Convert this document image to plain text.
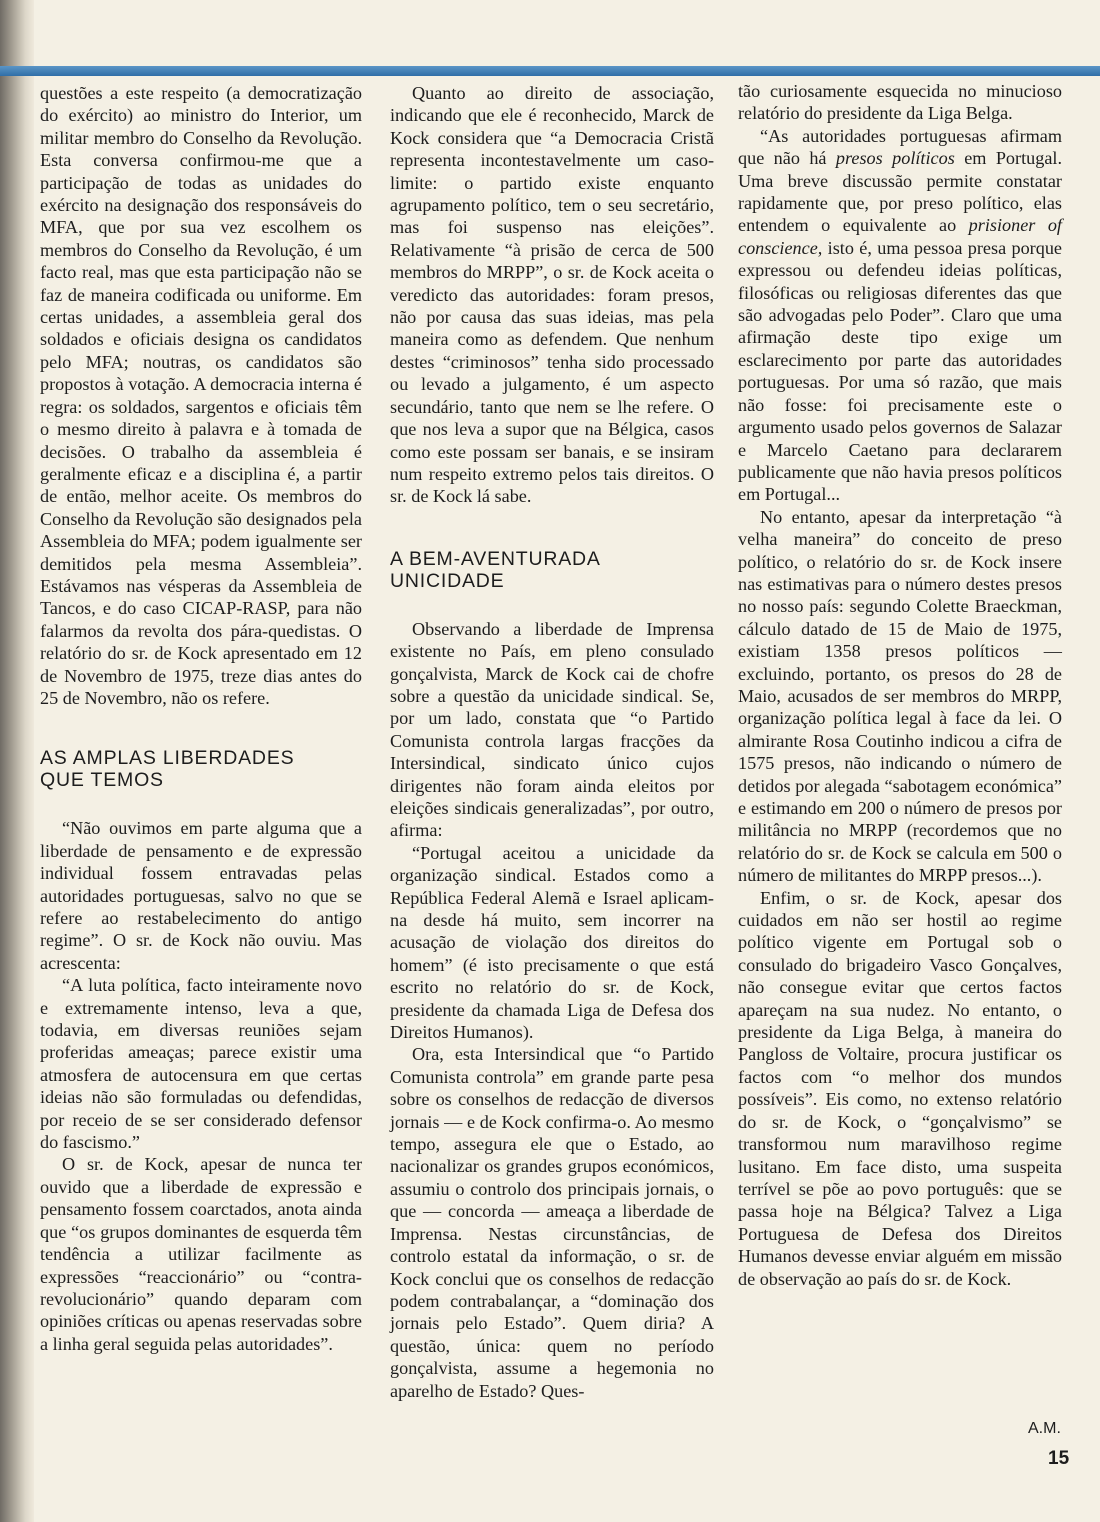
questões a este respeito (a democratização do exército) ao ministro do Interior, um militar membro do Conselho da Revolução. Esta conversa confirmou-me que a participação de todas as unidades do exército na designação dos responsáveis do MFA, que por sua vez escolhem os membros do Conselho da Revolução, é um facto real, mas que esta participação não se faz de maneira codificada ou uniforme. Em certas unidades, a assembleia geral dos soldados e oficiais designa os candidatos pelo MFA; noutras, os candidatos são propostos à votação. A democracia interna é regra: os soldados, sargentos e oficiais têm o mesmo direito à palavra e à tomada de decisões. O trabalho da assembleia é geralmente eficaz e a disciplina é, a partir de então, melhor aceite. Os membros do Conselho da Revolução são designados pela Assembleia do MFA; podem igualmente ser demitidos pela mesma Assembleia”. Estávamos nas vésperas da Assembleia de Tancos, e do caso CICAP-RASP, para não falarmos da revolta dos pára-quedistas. O relatório do sr. de Kock apresentado em 12 de Novembro de 1975, treze dias antes do 25 de Novembro, não os refere.

AS AMPLAS LIBERDADES
QUE TEMOS

“Não ouvimos em parte alguma que a liberdade de pensamento e de expressão individual fossem entravadas pelas autoridades portuguesas, salvo no que se refere ao restabelecimento do antigo regime”. O sr. de Kock não ouviu. Mas acrescenta:

“A luta política, facto inteiramente novo e extremamente intenso, leva a que, todavia, em diversas reuniões sejam proferidas ameaças; parece existir uma atmosfera de autocensura em que certas ideias não são formuladas ou defendidas, por receio de se ser considerado defensor do fascismo.”

O sr. de Kock, apesar de nunca ter ouvido que a liberdade de expressão e pensamento fossem coarctados, anota ainda que “os grupos dominantes de esquerda têm tendência a utilizar facilmente as expressões “reaccionário” ou “contra-revolucionário” quando deparam com opiniões críticas ou apenas reservadas sobre a linha geral seguida pelas autoridades”.

Quanto ao direito de associação, indicando que ele é reconhecido, Marck de Kock considera que “a Democracia Cristã representa incontestavelmente um caso-limite: o partido existe enquanto agrupamento político, tem o seu secretário, mas foi suspenso nas eleições”. Relativamente “à prisão de cerca de 500 membros do MRPP”, o sr. de Kock aceita o veredicto das autoridades: foram presos, não por causa das suas ideias, mas pela maneira como as defendem. Que nenhum destes “criminosos” tenha sido processado ou levado a julgamento, é um aspecto secundário, tanto que nem se lhe refere. O que nos leva a supor que na Bélgica, casos como este possam ser banais, e se insiram num respeito extremo pelos tais direitos. O sr. de Kock lá sabe.

A BEM-AVENTURADA
UNICIDADE

Observando a liberdade de Imprensa existente no País, em pleno consulado gonçalvista, Marck de Kock cai de chofre sobre a questão da unicidade sindical. Se, por um lado, constata que “o Partido Comunista controla largas fracções da Intersindical, sindicato único cujos dirigentes não foram ainda eleitos por eleições sindicais generalizadas”, por outro, afirma:

“Portugal aceitou a unicidade da organização sindical. Estados como a República Federal Alemã e Israel aplicam-na desde há muito, sem incorrer na acusação de violação dos direitos do homem” (é isto precisamente o que está escrito no relatório do sr. de Kock, presidente da chamada Liga de Defesa dos Direitos Humanos).

Ora, esta Intersindical que “o Partido Comunista controla” em grande parte pesa sobre os conselhos de redacção de diversos jornais — e de Kock confirma-o. Ao mesmo tempo, assegura ele que o Estado, ao nacionalizar os grandes grupos económicos, assumiu o controlo dos principais jornais, o que — concorda — ameaça a liberdade de Imprensa. Nestas circunstâncias, de controlo estatal da informação, o sr. de Kock conclui que os conselhos de redacção podem contrabalançar, a “dominação dos jornais pelo Estado”. Quem diria? A questão, única: quem no período gonçalvista, assume a hegemonia no aparelho de Estado? Ques-

tão curiosamente esquecida no minucioso relatório do presidente da Liga Belga.

“As autoridades portuguesas afirmam que não há presos políticos em Portugal. Uma breve discussão permite constatar rapidamente que, por preso político, elas entendem o equivalente ao prisioner of conscience, isto é, uma pessoa presa porque expressou ou defendeu ideias políticas, filosóficas ou religiosas diferentes das que são advogadas pelo Poder”. Claro que uma afirmação deste tipo exige um esclarecimento por parte das autoridades portuguesas. Por uma só razão, que mais não fosse: foi precisamente este o argumento usado pelos governos de Salazar e Marcelo Caetano para declararem publicamente que não havia presos políticos em Portugal...

No entanto, apesar da interpretação “à velha maneira” do conceito de preso político, o relatório do sr. de Kock insere nas estimativas para o número destes presos no nosso país: segundo Colette Braeckman, cálculo datado de 15 de Maio de 1975, existiam 1358 presos políticos — excluindo, portanto, os presos do 28 de Maio, acusados de ser membros do MRPP, organização política legal à face da lei. O almirante Rosa Coutinho indicou a cifra de 1575 presos, não indicando o número de detidos por alegada “sabotagem económica” e estimando em 200 o número de presos por militância no MRPP (recordemos que no relatório do sr. de Kock se calcula em 500 o número de militantes do MRPP presos...).

Enfim, o sr. de Kock, apesar dos cuidados em não ser hostil ao regime político vigente em Portugal sob o consulado do brigadeiro Vasco Gonçalves, não consegue evitar que certos factos apareçam na sua nudez. No entanto, o presidente da Liga Belga, à maneira do Pangloss de Voltaire, procura justificar os factos com “o melhor dos mundos possíveis”. Eis como, no extenso relatório do sr. de Kock, o “gonçalvismo” se transformou num maravilhoso regime lusitano. Em face disto, uma suspeita terrível se põe ao povo português: que se passa hoje na Bélgica? Talvez a Liga Portuguesa de Defesa dos Direitos Humanos devesse enviar alguém em missão de observação ao país do sr. de Kock.

A.M.
15
